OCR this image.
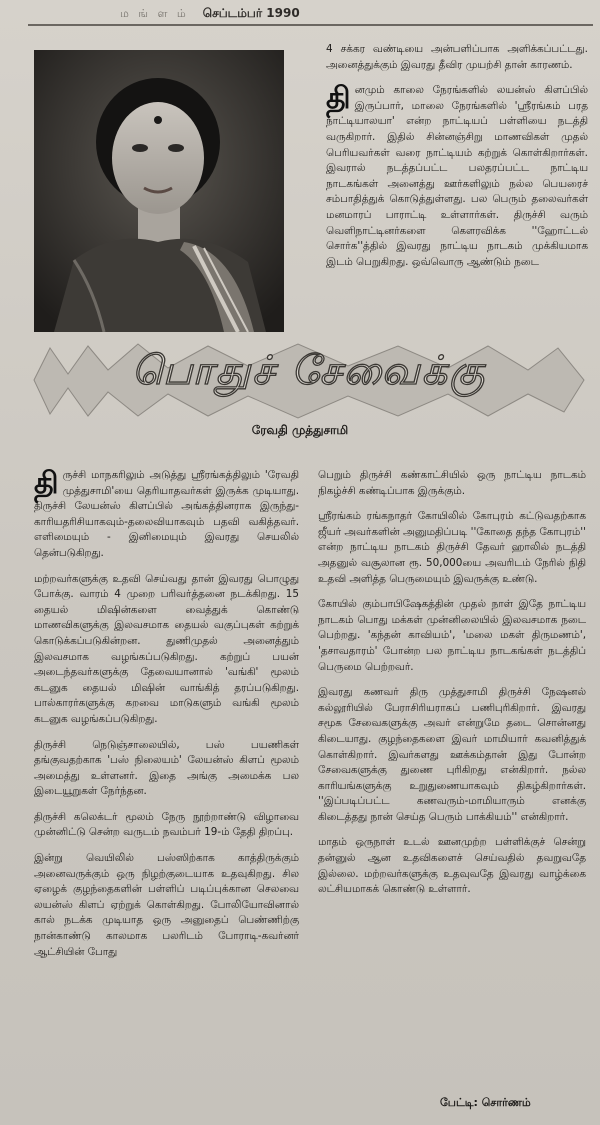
ம ங் ள ம் செப்டம்பர் 1990

4 சக்கர வண்டியை அன்பளிப்பாக அளிக்கப்பட்டது. அனைத்துக்கும் இவரது தீவிர முயற்சி தான் காரணம்.

தினமும் காலை நேரங்களில் லயன்ஸ் கிளப்பில் இருப்பார், மாலை நேரங்களில் 'ஸ்ரீரங்கம் பரத நாட்டியாலயா' என்ற நாட்டியப் பள்ளியை நடத்தி வருகிறார். இதில் சின்னஞ்சிறு மாணவிகள் முதல் பெரியவர்கள் வரை நாட்டியம் கற்றுக் கொள்கிறார்கள். இவரால் நடத்தப்பட்ட பலதரப்பட்ட நாட்டிய நாடகங்கள் அனைத்து ஊர்களிலும் நல்ல பெயரைச் சம்பாதித்துக் கொடுத்துள்ளது. பல பெரும் தலைவர்கள் மனமாரப் பாராட்டி உள்ளார்கள். திருச்சி வரும் வெளிநாட்டினர்களை கௌரவிக்க ''ஹோட்டல் சொர்க''த்தில் இவரது நாட்டிய நாடகம் முக்கியமாக இடம் பெறுகிறது. ஒவ்வொரு ஆண்டும் நடை

பொதுச் சேவைக்கு
ரேவதி முத்துசாமி

திருச்சி மாநகரிலும் அடுத்து ஸ்ரீரங்கத்திலும் 'ரேவதி முத்துசாமி'யை தெரியாதவர்கள் இருக்க முடியாது. திருச்சி லேயன்ஸ் கிளப்பில் அங்கத்தினராக இருந்து-காரியதரிசியாகவும்-தலைவியாகவும் பதவி வகித்தவர். எளிமையும் - இனிமையும் இவரது செயலில் தென்படுகிறது.

மற்றவர்களுக்கு உதவி செய்வது தான் இவரது பொழுது போக்கு. வாரம் 4 முறை பரிவர்த்தனை நடக்கிறது. 15 தையல் மிஷின்களை வைத்துக் கொண்டு மாணவிகளுக்கு இலவசமாக தையல் வகுப்புகள் கற்றுக் கொடுக்கப்படுகின்றன. துணிமுதல் அனைத்தும் இலவசமாக வழங்கப்படுகிறது. கற்றுப் பயன் அடைந்தவர்களுக்கு தேவையானால் 'வங்கி' மூலம் கடனுக தையல் மிஷின் வாங்கித் தரப்படுகிறது. பால்காரர்களுக்கு கறவை மாடுகளும் வங்கி மூலம் கடனுக வழங்கப்படுகிறது.

திருச்சி நெடுஞ்சாலையில், பஸ் பயணிகள் தங்குவதற்காக 'பஸ் நிலையம்' லேயன்ஸ் கிளப் மூலம் அமைத்து உள்ளனர். இதை அங்கு அமைக்க பல இடையூறுகள் நேர்ந்தன.

திருச்சி கலெக்டர் மூலம் நேரு நூற்றாண்டு விழாவை முன்னிட்டு சென்ற வருடம் நவம்பர் 19-ம் தேதி திறப்பு.

இன்று வெயிலில் பஸ்ஸிற்காக காத்திருக்கும் அனைவருக்கும் ஒரு நிழற்குடையாக உதவுகிறது. சில ஏழைக் குழந்தைகளின் பள்ளிப் படிப்புக்கான செலவை லயன்ஸ் கிளப் ஏற்றுக் கொள்கிறது. போலியோவினால் கால் நடக்க முடியாத ஒரு அனுதைப் பெண்ணிற்கு நான்காண்டு காலமாக பலரிடம் போராடி-கவர்னர் ஆட்சியின் போது

பெறும் திருச்சி கண்காட்சியில் ஒரு நாட்டிய நாடகம் நிகழ்ச்சி கண்டிப்பாக இருக்கும்.

ஸ்ரீரங்கம் ரங்கநாதர் கோயிலில் கோபுரம் கட்டுவதற்காக ஜீயர் அவர்களின் அனுமதிப்படி ''கோதை தந்த கோபுரம்'' என்ற நாட்டிய நாடகம் திருச்சி தேவர் ஹாலில் நடத்தி அதனுல் வசூலான ரூ. 50,000யை அவரிடம் நேரில் நிதி உதவி அளித்த பெருமையும் இவருக்கு உண்டு.

கோயில் கும்பாபிஷேகத்தின் முதல் நாள் இதே நாட்டிய நாடகம் பொது மக்கள் முன்னிலையில் இலவசமாக நடை பெற்றது. 'கந்தன் காவியம்', 'மலை மகள் திருமணம்', 'தசாவதாரம்' போன்ற பல நாட்டிய நாடகங்கள் நடத்திப் பெருமை பெற்றவர்.

இவரது கணவர் திரு முத்துசாமி திருச்சி நேஷனல் கல்லூரியில் பேராசிரியராகப் பணிபுரிகிறார். இவரது சமூக சேவைகளுக்கு அவர் என்றுமே தடை சொன்னது கிடையாது. குழந்தைகளை இவர் மாமியார் கவனித்துக் கொள்கிறார். இவர்களது ஊக்கம்தான் இது போன்ற சேவைகளுக்கு துணை புரிகிறது என்கிறார். நல்ல காரியங்களுக்கு உறுதுணையாகவும் திகழ்கிறார்கள். ''இப்படிப்பட்ட கணவரும்-மாமியாரும் எனக்கு கிடைத்தது நான் செய்த பெரும் பாக்கியம்'' என்கிறார்.

மாதம் ஒருநாள் உடல் ஊனமுற்ற பள்ளிக்குச் சென்று தன்னுல் ஆன உதவிகளைச் செய்வதில் தவறுவதே இல்லை. மற்றவர்களுக்கு உதவுவதே இவரது வாழ்க்கை லட்சியமாகக் கொண்டு உள்ளார்.

பேட்டி: சொர்ணம்
